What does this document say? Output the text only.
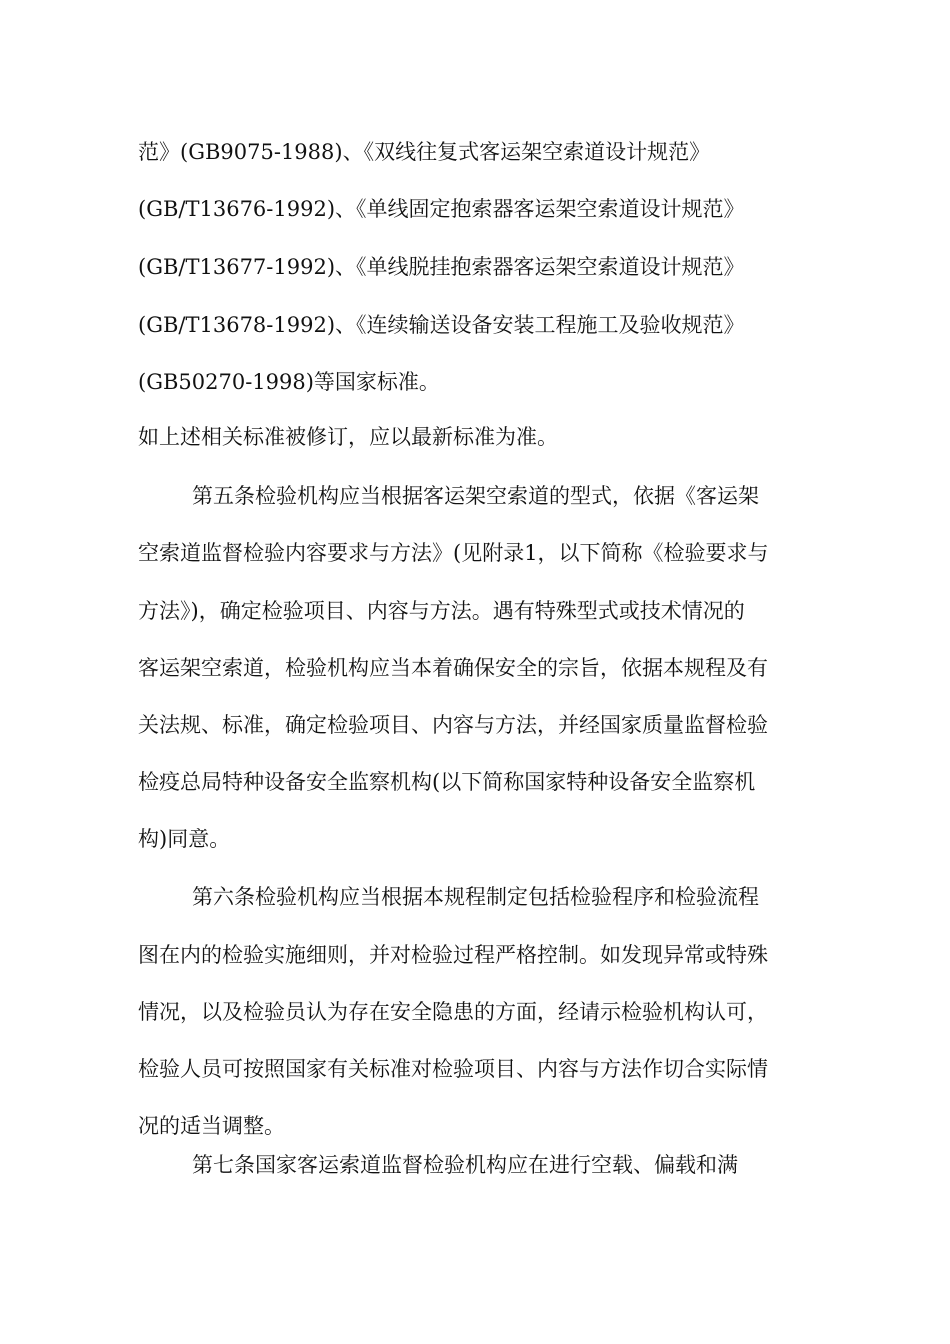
范》(GB9075-1988)、《双线往复式客运架空索道设计规范》
(GB/T13676-1992)、《单线固定抱索器客运架空索道设计规范》
(GB/T13677-1992)、《单线脱挂抱索器客运架空索道设计规范》
(GB/T13678-1992)、《连续输送设备安装工程施工及验收规范》
(GB50270-1998)等国家标准。
如上述相关标准被修订，应以最新标准为准。
第五条检验机构应当根据客运架空索道的型式，依据《客运架
空索道监督检验内容要求与方法》(见附录1，以下简称《检验要求与
方法》)，确定检验项目、内容与方法。遇有特殊型式或技术情况的
客运架空索道，检验机构应当本着确保安全的宗旨，依据本规程及有
关法规、标准，确定检验项目、内容与方法，并经国家质量监督检验
检疫总局特种设备安全监察机构(以下简称国家特种设备安全监察机
构)同意。
第六条检验机构应当根据本规程制定包括检验程序和检验流程
图在内的检验实施细则，并对检验过程严格控制。如发现异常或特殊
情况，以及检验员认为存在安全隐患的方面，经请示检验机构认可，
检验人员可按照国家有关标准对检验项目、内容与方法作切合实际情
况的适当调整。
第七条国家客运索道监督检验机构应在进行空载、偏载和满
